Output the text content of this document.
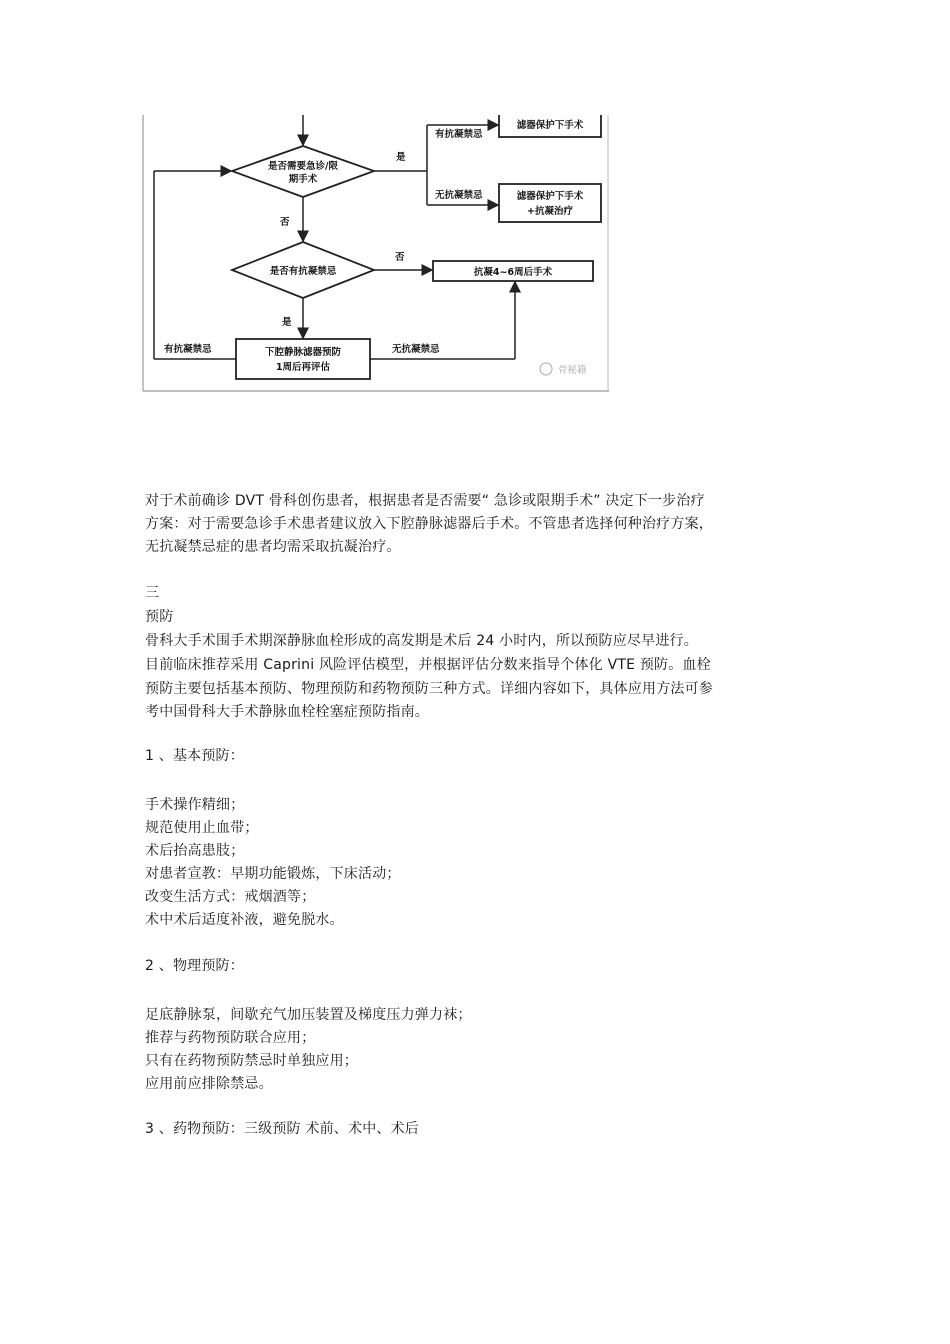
是否需要急诊/限
期手术
是
有抗凝禁忌
无抗凝禁忌
滤器保护下手术
滤器保护下手术
+抗凝治疗
否
是否有抗凝禁忌
否
抗凝4~6周后手术
是
下腔静脉滤器预防
1周后再评估
有抗凝禁忌	无抗凝禁忌
骨秘籍
对于术前确诊 DVT 骨科创伤患者，根据患者是否需要“ 急诊或限期手术” 决定下一步治疗
方案：对于需要急诊手术患者建议放入下腔静脉滤器后手术。不管患者选择何种治疗方案，
无抗凝禁忌症的患者均需采取抗凝治疗。
三
预防
骨科大手术围手术期深静脉血栓形成的高发期是术后 24 小时内，所以预防应尽早进行。
目前临床推荐采用 Caprini 风险评估模型，并根据评估分数来指导个体化 VTE 预防。血栓
预防主要包括基本预防、物理预防和药物预防三种方式。详细内容如下，具体应用方法可参
考中国骨科大手术静脉血栓栓塞症预防指南。
1 、基本预防：
手术操作精细；
规范使用止血带；
术后抬高患肢；
对患者宣教：早期功能锻炼，下床活动；
改变生活方式：戒烟酒等；
术中术后适度补液，避免脱水。
2 、物理预防：
足底静脉泵，间歇充气加压装置及梯度压力弹力袜；
推荐与药物预防联合应用；
只有在药物预防禁忌时单独应用；
应用前应排除禁忌。
3 、药物预防：三级预防 术前、术中、术后
